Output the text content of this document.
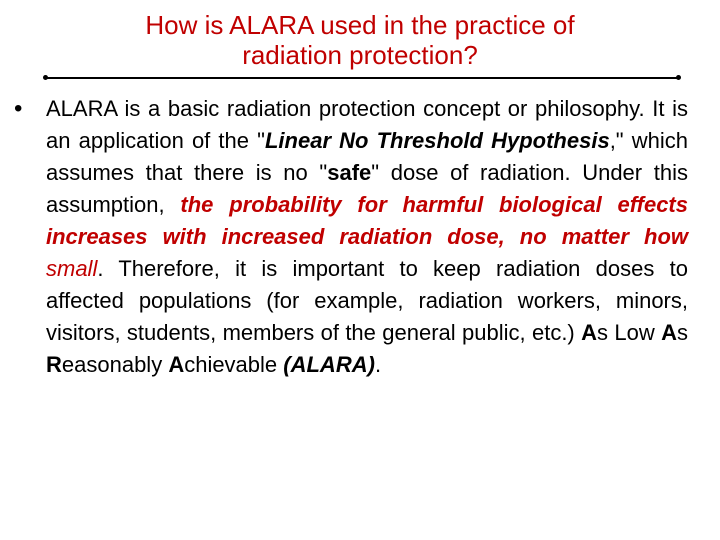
How is ALARA used in the practice of
radiation protection?
• ALARA is a basic radiation protection concept or philosophy. It is an application of the "Linear No Threshold Hypothesis," which assumes that there is no "safe" dose of radiation. Under this assumption, the probability for harmful biological effects increases with increased radiation dose, no matter how small. Therefore, it is important to keep radiation doses to affected populations (for example, radiation workers, minors, visitors, students, members of the general public, etc.) As Low As Reasonably Achievable (ALARA).
